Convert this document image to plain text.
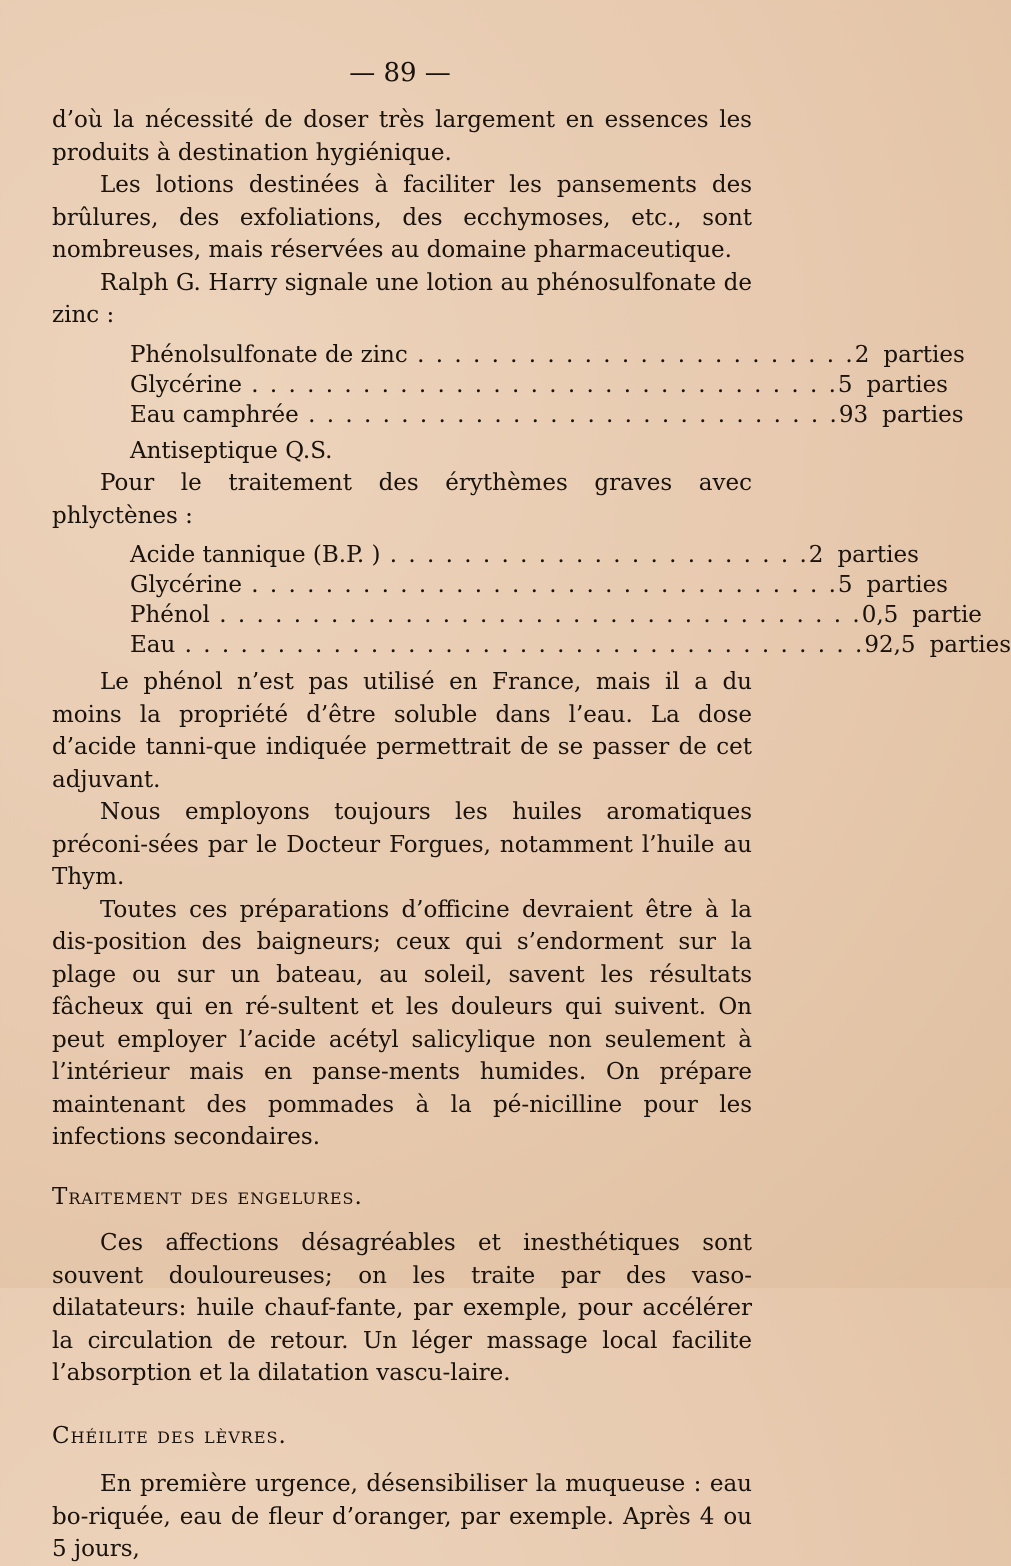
— 89 —

d’où la nécessité de doser très largement en essences les produits à destination hygiénique.

Les lotions destinées à faciliter les pansements des brûlures, des exfoliations, des ecchymoses, etc., sont nombreuses, mais réservées au domaine pharmaceutique.

Ralph G. Harry signale une lotion au phénosulfonate de zinc :

Phénolsulfonate de zinc . . . . . . . . . . . . . . . . . . . . . . . . 2 parties
Glycérine . . . . . . . . . . . . . . . . . . . . . . . . . . . . . . . . 5 parties
Eau camphrée . . . . . . . . . . . . . . . . . . . . . . . . . . . . . 93 parties

Antiseptique Q.S.

Pour le traitement des érythèmes graves avec phlyctènes :

Acide tannique (B.P. ) . . . . . . . . . . . . . . . . . . . . . . . 2 parties
Glycérine . . . . . . . . . . . . . . . . . . . . . . . . . . . . . . . . 5 parties
Phénol . . . . . . . . . . . . . . . . . . . . . . . . . . . . . . . . . . . 0,5 partie
Eau . . . . . . . . . . . . . . . . . . . . . . . . . . . . . . . . . . . . . 92,5 parties

Le phénol n’est pas utilisé en France, mais il a du moins la propriété d’être soluble dans l’eau. La dose d’acide tanni-que indiquée permettrait de se passer de cet adjuvant.

Nous employons toujours les huiles aromatiques préconi-sées par le Docteur Forgues, notamment l’huile au Thym.

Toutes ces préparations d’officine devraient être à la dis-position des baigneurs; ceux qui s’endorment sur la plage ou sur un bateau, au soleil, savent les résultats fâcheux qui en ré-sultent et les douleurs qui suivent. On peut employer l’acide acétyl salicylique non seulement à l’intérieur mais en panse-ments humides. On prépare maintenant des pommades à la pé-nicilline pour les infections secondaires.

Traitement des engelures.

Ces affections désagréables et inesthétiques sont souvent douloureuses; on les traite par des vaso-dilatateurs: huile chauf-fante, par exemple, pour accélérer la circulation de retour. Un léger massage local facilite l’absorption et la dilatation vascu-laire.

Chéilite des lèvres.

En première urgence, désensibiliser la muqueuse : eau bo-riquée, eau de fleur d’oranger, par exemple. Après 4 ou 5 jours,
